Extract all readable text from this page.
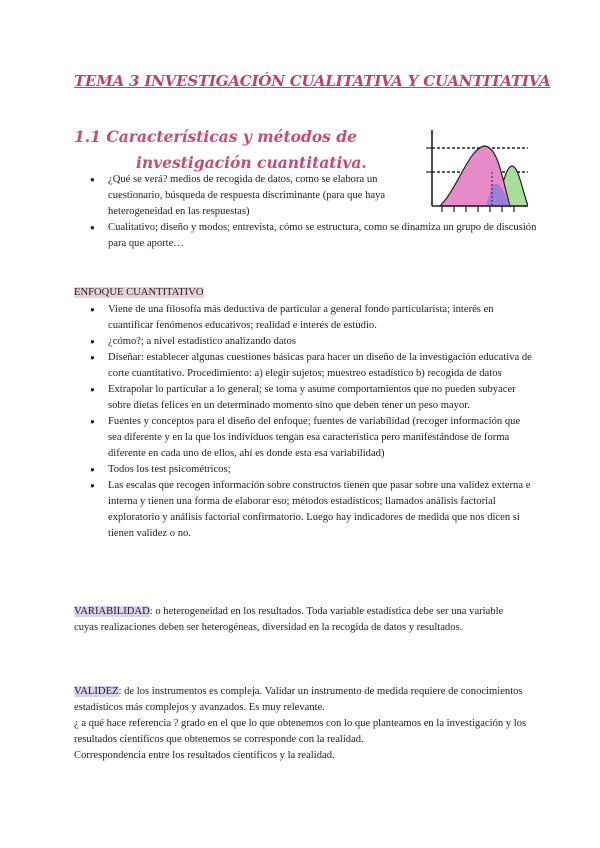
TEMA 3 INVESTIGACIÓN CUALITATIVA Y CUANTITATIVA
1.1 Características y métodos de
investigación cuantitativa.
● ¿Qué se verá? medios de recogida de datos, como se elabora un cuestionario, búsqueda de respuesta discriminante (para que haya heterogeneidad en las respuestas)
● Cualitativo; diseño y modos; entrevista, cómo se estructura, como se dinamiza un grupo de discusión para que aporte…
ENFOQUE CUANTITATIVO
● Viene de una filosofía más deductiva de particular a general fondo particularista; interés en cuantificar fenómenos educativos; realidad e interés de estudio.
● ¿cómo?; a nivel estadístico analizando datos
● Diseñar: establecer algunas cuestiones básicas para hacer un diseño de la investigación educativa de corte cuantitativo. Procedimiento: a) elegir sujetos; muestreo estadístico b) recogida de datos
● Extrapolar lo particular a lo general; se toma y asume comportamientos que no pueden subyacer sobre dietas felices en un determinado momento sino que deben tener un peso mayor.
● Fuentes y conceptos para el diseño del enfoque; fuentes de variabilidad (recoger información que sea diferente y en la que los individuos tengan esa característica pero manifestándose de forma diferente en cada uno de ellos, ahí es donde esta esa variabilidad)
● Todos los test psicométricos;
● Las escalas que recogen información sobre constructos tienen que pasar sobre una validez externa e interna y tienen una forma de elaborar eso; métodos estadísticos; llamados análisis factorial exploratorio y análisis factorial confirmatorio. Luego hay indicadores de medida que nos dicen si tienen validez o no.
VARIABILIDAD: o heterogeneidad en los resultados. Toda variable estadística debe ser una variable cuyas realizaciones deben ser heterogéneas, diversidad en la recogida de datos y resultados.
VALIDEZ: de los instrumentos es compleja. Validar un instrumento de medida requiere de conocimientos estadísticos más complejos y avanzados. Es muy relevante.
¿ a qué hace referencia ? grado en el que lo que obtenemos con lo que planteamos en la investigación y los resultados científicos que obtenemos se corresponde con la realidad.
Correspondencia entre los resultados científicos y la realidad.
